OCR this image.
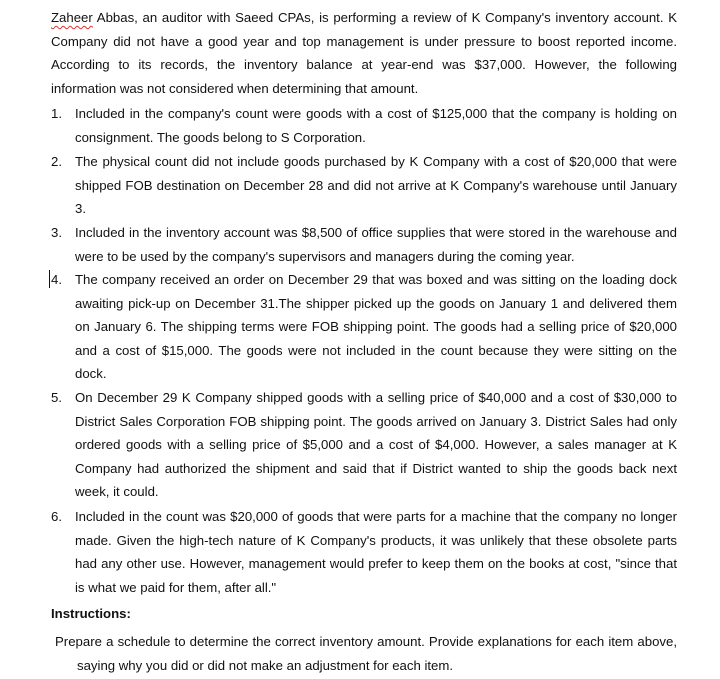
Zaheer Abbas, an auditor with Saeed CPAs, is performing a review of K Company's inventory account. K Company did not have a good year and top management is under pressure to boost reported income. According to its records, the inventory balance at year-end was $37,000. However, the following information was not considered when determining that amount.

1. Included in the company's count were goods with a cost of $125,000 that the company is holding on consignment. The goods belong to S Corporation.

2. The physical count did not include goods purchased by K Company with a cost of $20,000 that were shipped FOB destination on December 28 and did not arrive at K Company's warehouse until January 3.

3. Included in the inventory account was $8,500 of office supplies that were stored in the warehouse and were to be used by the company's supervisors and managers during the coming year.

4. The company received an order on December 29 that was boxed and was sitting on the loading dock awaiting pick-up on December 31.The shipper picked up the goods on January 1 and delivered them on January 6. The shipping terms were FOB shipping point. The goods had a selling price of $20,000 and a cost of $15,000. The goods were not included in the count because they were sitting on the dock.

5. On December 29 K Company shipped goods with a selling price of $40,000 and a cost of $30,000 to District Sales Corporation FOB shipping point. The goods arrived on January 3. District Sales had only ordered goods with a selling price of $5,000 and a cost of $4,000. However, a sales manager at K Company had authorized the shipment and said that if District wanted to ship the goods back next week, it could.

6. Included in the count was $20,000 of goods that were parts for a machine that the company no longer made. Given the high-tech nature of K Company's products, it was unlikely that these obsolete parts had any other use. However, management would prefer to keep them on the books at cost, "since that is what we paid for them, after all."

Instructions:

Prepare a schedule to determine the correct inventory amount. Provide explanations for each item above, saying why you did or did not make an adjustment for each item.
